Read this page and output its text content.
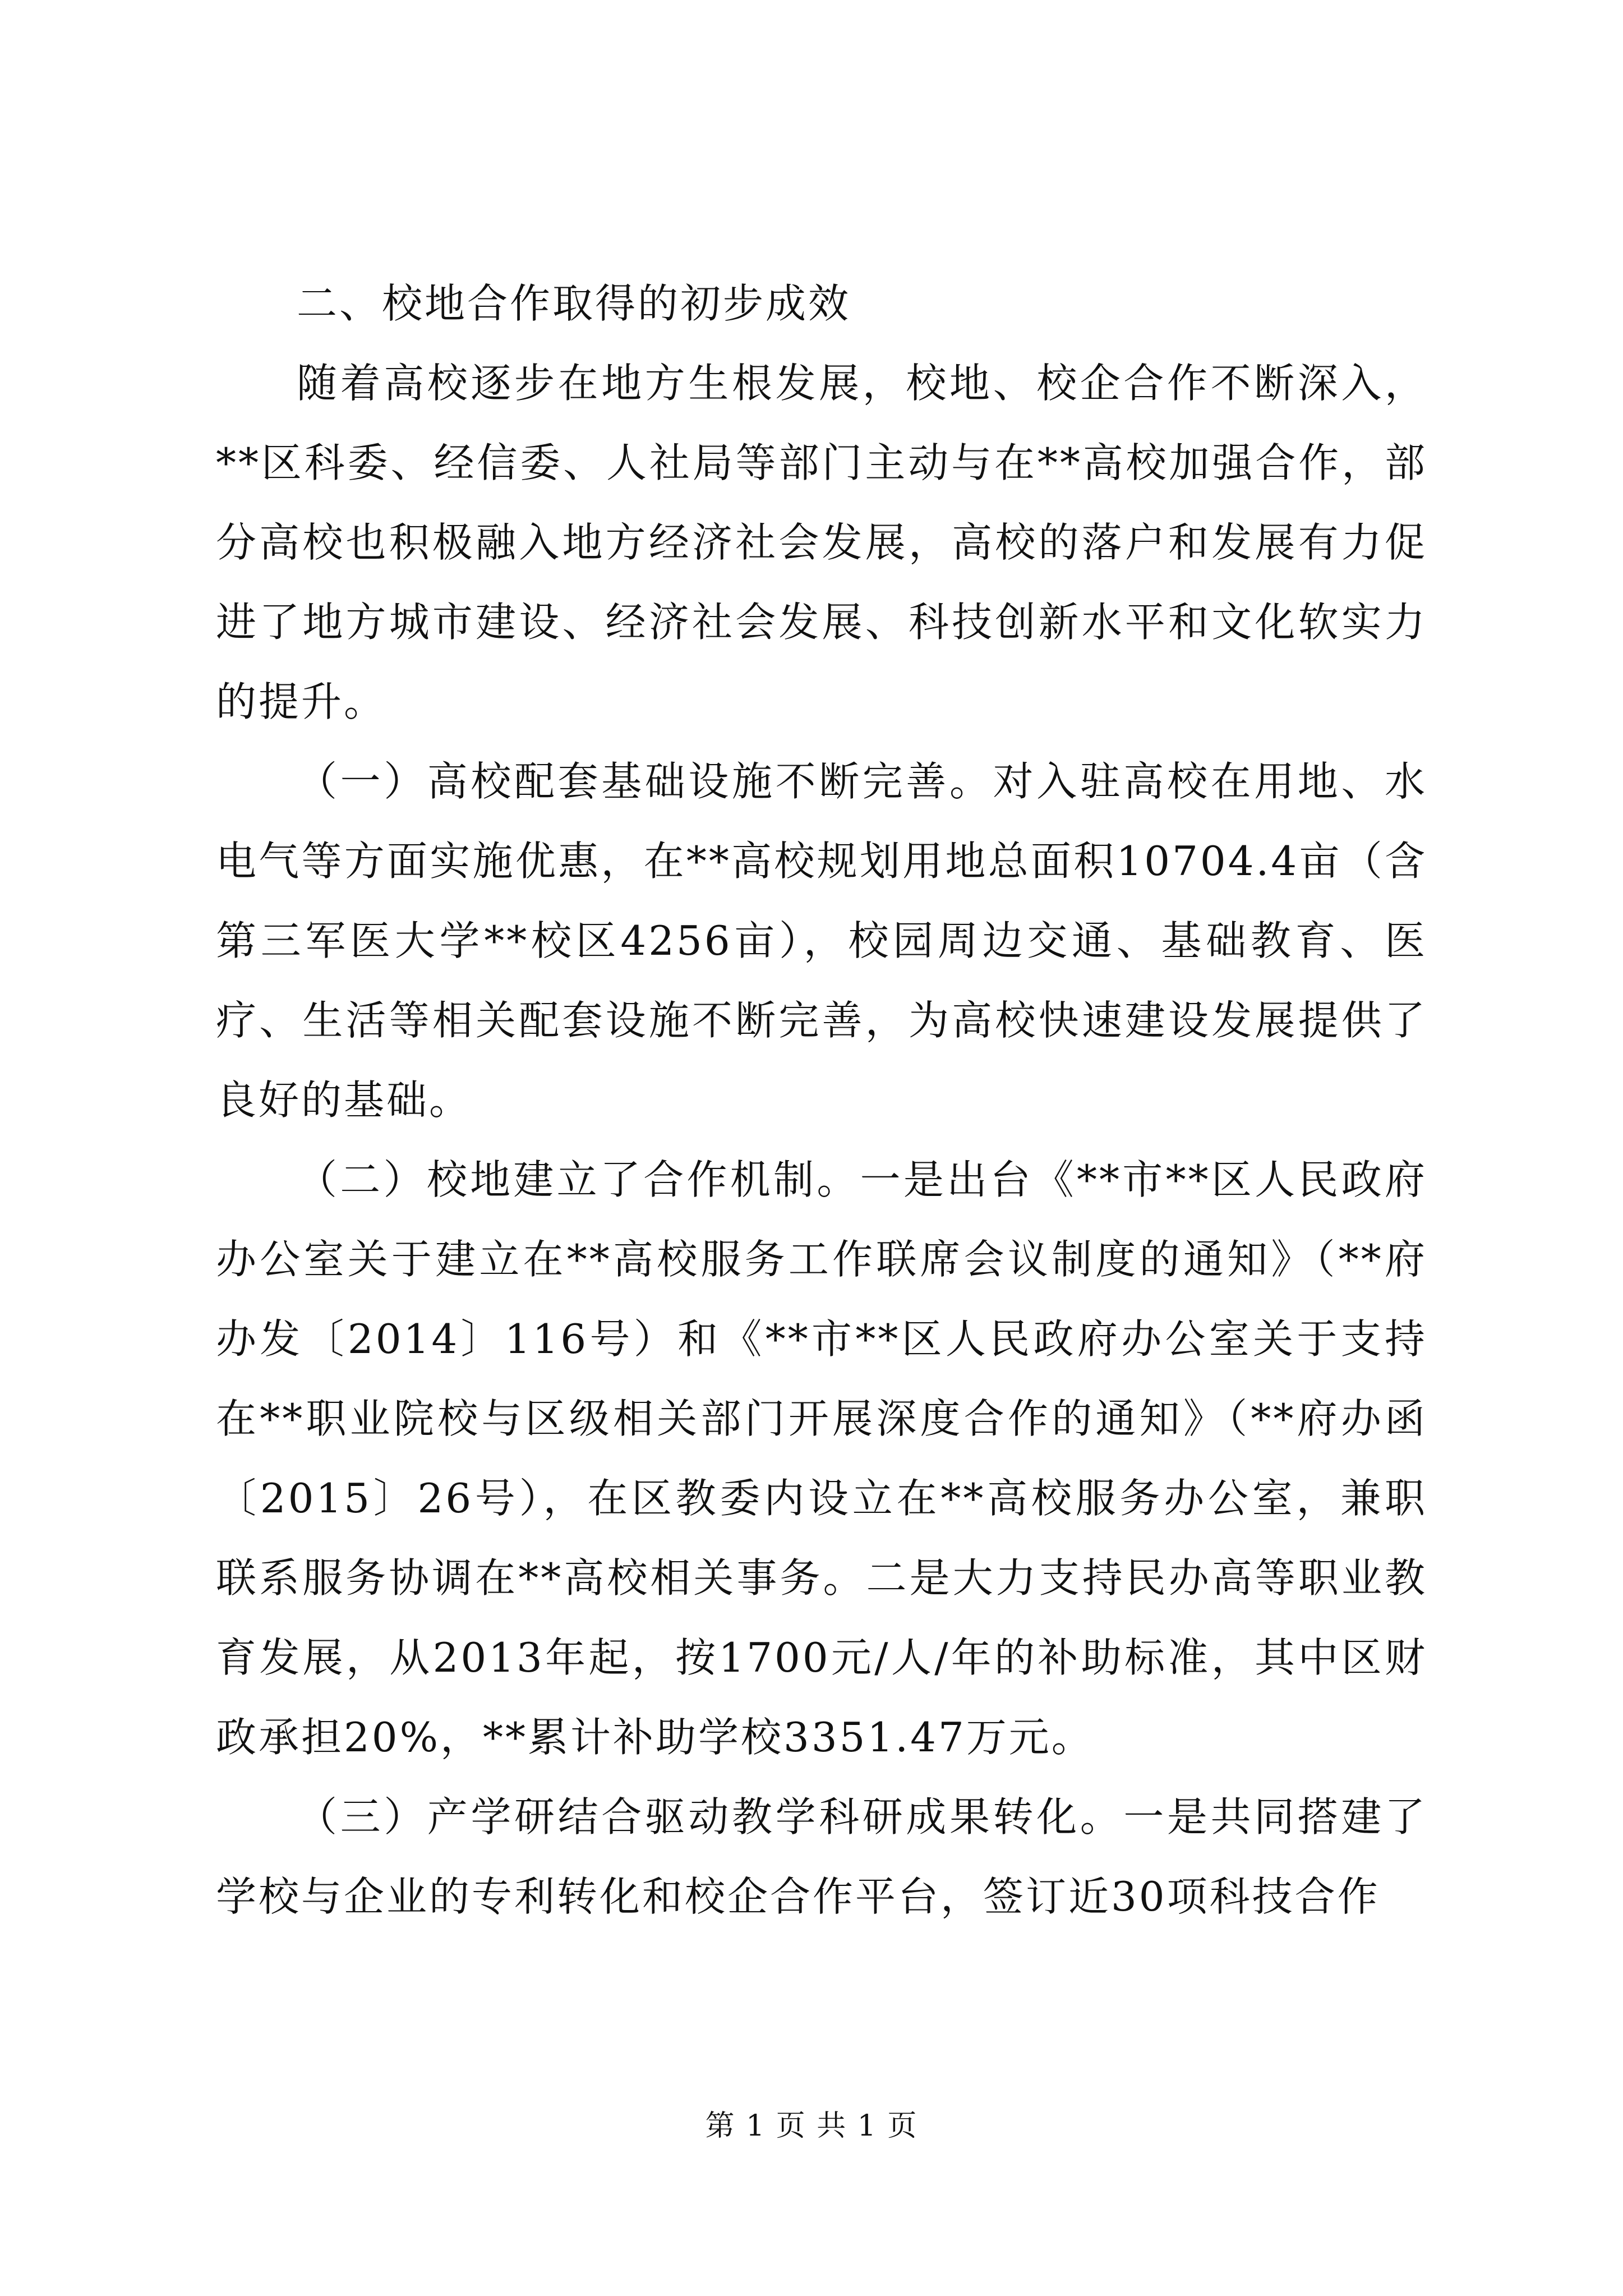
二、校地合作取得的初步成效

随着高校逐步在地方生根发展，校地、校企合作不断深入，**区科委、经信委、人社局等部门主动与在**高校加强合作，部分高校也积极融入地方经济社会发展，高校的落户和发展有力促进了地方城市建设、经济社会发展、科技创新水平和文化软实力的提升。

（一）高校配套基础设施不断完善。对入驻高校在用地、水电气等方面实施优惠，在**高校规划用地总面积10704.4亩（含第三军医大学**校区4256亩），校园周边交通、基础教育、医疗、生活等相关配套设施不断完善，为高校快速建设发展提供了良好的基础。

（二）校地建立了合作机制。一是出台《**市**区人民政府办公室关于建立在**高校服务工作联席会议制度的通知》（**府办发〔2014〕116号）和《**市**区人民政府办公室关于支持在**职业院校与区级相关部门开展深度合作的通知》（**府办函〔2015〕26号），在区教委内设立在**高校服务办公室，兼职联系服务协调在**高校相关事务。二是大力支持民办高等职业教育发展，从2013年起，按1700元/人/年的补助标准，其中区财政承担20%，**累计补助学校3351.47万元。

（三）产学研结合驱动教学科研成果转化。一是共同搭建了学校与企业的专利转化和校企合作平台，签订近30项科技合作

第 1 页 共 1 页
